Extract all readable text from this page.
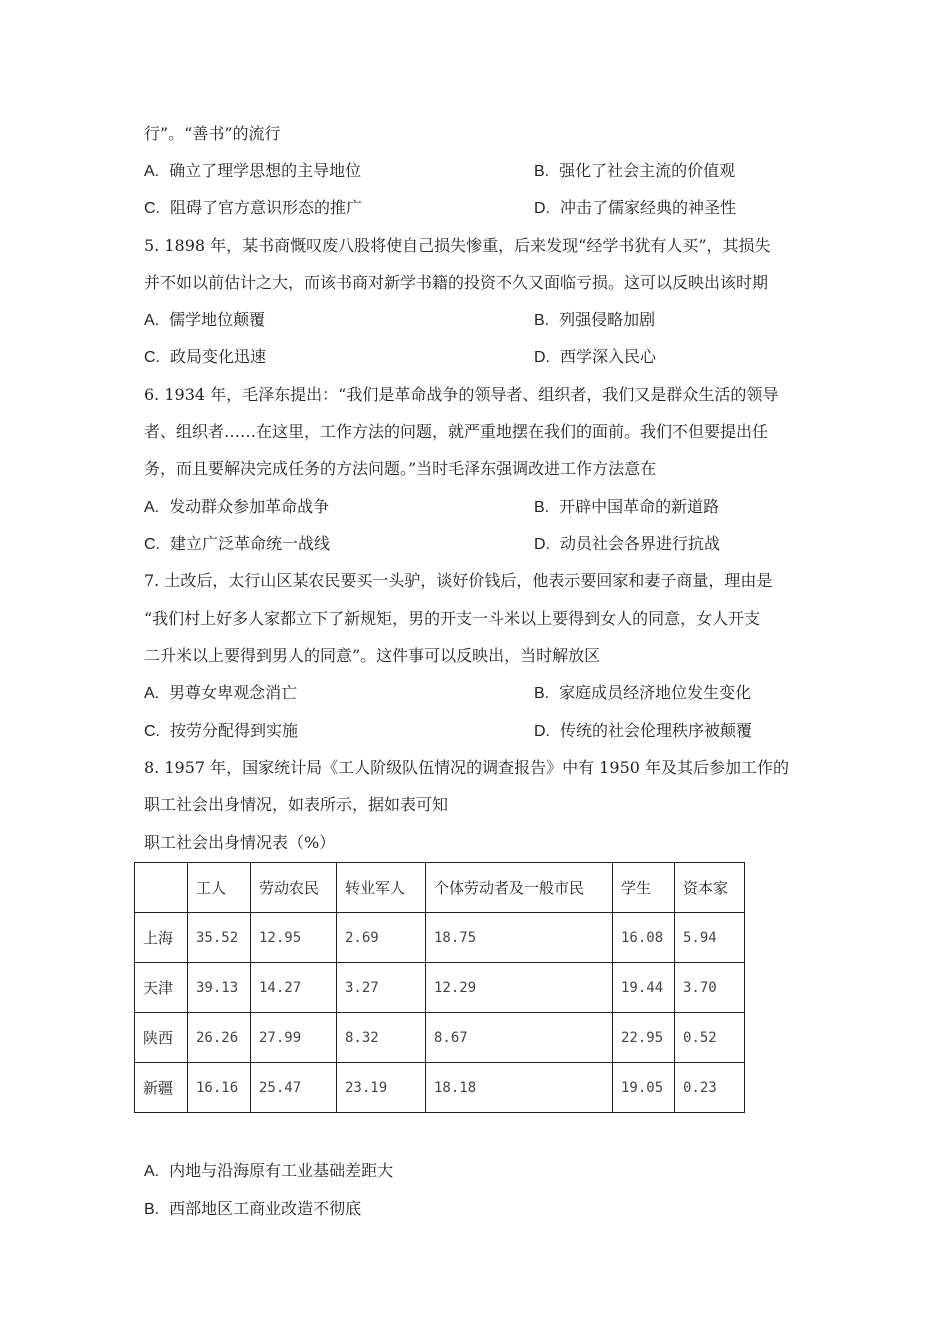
行”。“善书”的流行
A. 确立了理学思想的主导地位	B. 强化了社会主流的价值观
C. 阻碍了官方意识形态的推广	D. 冲击了儒家经典的神圣性
5. 1898 年，某书商慨叹废八股将使自己损失惨重，后来发现“经学书犹有人买”，其损失
并不如以前估计之大，而该书商对新学书籍的投资不久又面临亏损。这可以反映出该时期
A. 儒学地位颠覆	B. 列强侵略加剧
C. 政局变化迅速	D. 西学深入民心
6. 1934 年，毛泽东提出：“我们是革命战争的领导者、组织者，我们又是群众生活的领导
者、组织者……在这里，工作方法的问题，就严重地摆在我们的面前。我们不但要提出任
务，而且要解决完成任务的方法问题。”当时毛泽东强调改进工作方法意在
A. 发动群众参加革命战争	B. 开辟中国革命的新道路
C. 建立广泛革命统一战线	D. 动员社会各界进行抗战
7. 土改后，太行山区某农民要买一头驴，谈好价钱后，他表示要回家和妻子商量，理由是
“我们村上好多人家都立下了新规矩，男的开支一斗米以上要得到女人的同意，女人开支
二升米以上要得到男人的同意”。这件事可以反映出，当时解放区
A. 男尊女卑观念消亡	B. 家庭成员经济地位发生变化
C. 按劳分配得到实施	D. 传统的社会伦理秩序被颠覆
8. 1957 年，国家统计局《工人阶级队伍情况的调查报告》中有 1950 年及其后参加工作的
职工社会出身情况，如表所示，据如表可知
职工社会出身情况表（%）
	工人	劳动农民	转业军人	个体劳动者及一般市民	学生	资本家
上海	35.52	12.95	2.69	18.75	16.08	5.94
天津	39.13	14.27	3.27	12.29	19.44	3.70
陕西	26.26	27.99	8.32	8.67	22.95	0.52
新疆	16.16	25.47	23.19	18.18	19.05	0.23
A. 内地与沿海原有工业基础差距大
B. 西部地区工商业改造不彻底
